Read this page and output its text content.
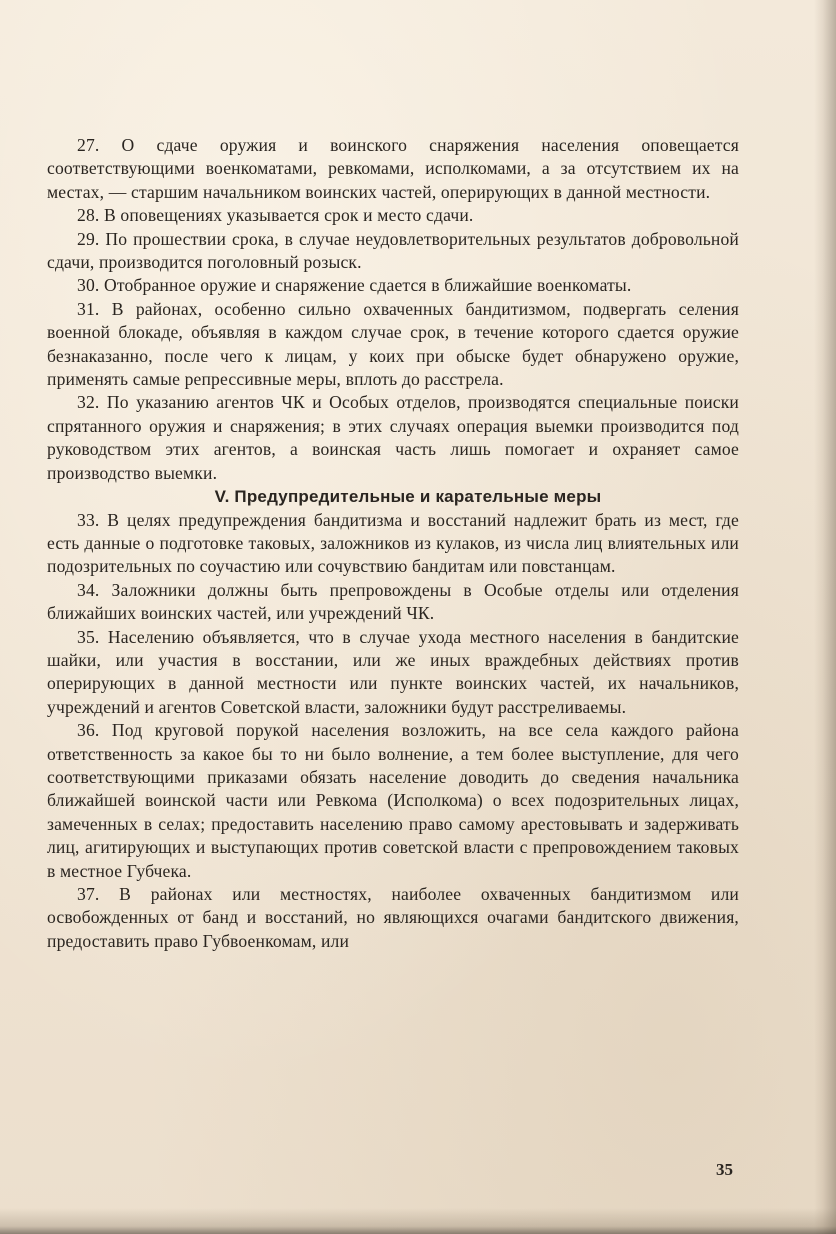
27. О сдаче оружия и воинского снаряжения населения оповещается соответствующими военкоматами, ревкомами, исполкомами, а за отсутствием их на местах, — старшим начальником воинских частей, оперирующих в данной местности.

28. В оповещениях указывается срок и место сдачи.

29. По прошествии срока, в случае неудовлетворительных результатов добровольной сдачи, производится поголовный розыск.

30. Отобранное оружие и снаряжение сдается в ближайшие военкоматы.

31. В районах, особенно сильно охваченных бандитизмом, подвергать селения военной блокаде, объявляя в каждом случае срок, в течение которого сдается оружие безнаказанно, после чего к лицам, у коих при обыске будет обнаружено оружие, применять самые репрессивные меры, вплоть до расстрела.

32. По указанию агентов ЧК и Особых отделов, производятся специальные поиски спрятанного оружия и снаряжения; в этих случаях операция выемки производится под руководством этих агентов, а воинская часть лишь помогает и охраняет самое производство выемки.

V. Предупредительные и карательные меры

33. В целях предупреждения бандитизма и восстаний надлежит брать из мест, где есть данные о подготовке таковых, заложников из кулаков, из числа лиц влиятельных или подозрительных по соучастию или сочувствию бандитам или повстанцам.

34. Заложники должны быть препровождены в Особые отделы или отделения ближайших воинских частей, или учреждений ЧК.

35. Населению объявляется, что в случае ухода местного населения в бандитские шайки, или участия в восстании, или же иных враждебных действиях против оперирующих в данной местности или пункте воинских частей, их начальников, учреждений и агентов Советской власти, заложники будут расстреливаемы.

36. Под круговой порукой населения возложить, на все села каждого района ответственность за какое бы то ни было волнение, а тем более выступление, для чего соответствующими приказами обязать население доводить до сведения начальника ближайшей воинской части или Ревкома (Исполкома) о всех подозрительных лицах, замеченных в селах; предоставить населению право самому арестовывать и задерживать лиц, агитирующих и выступающих против советской власти с препровождением таковых в местное Губчека.

37. В районах или местностях, наиболее охваченных бандитизмом или освобожденных от банд и восстаний, но являющихся очагами бандитского движения, предоставить право Губвоенкомам, или

35
